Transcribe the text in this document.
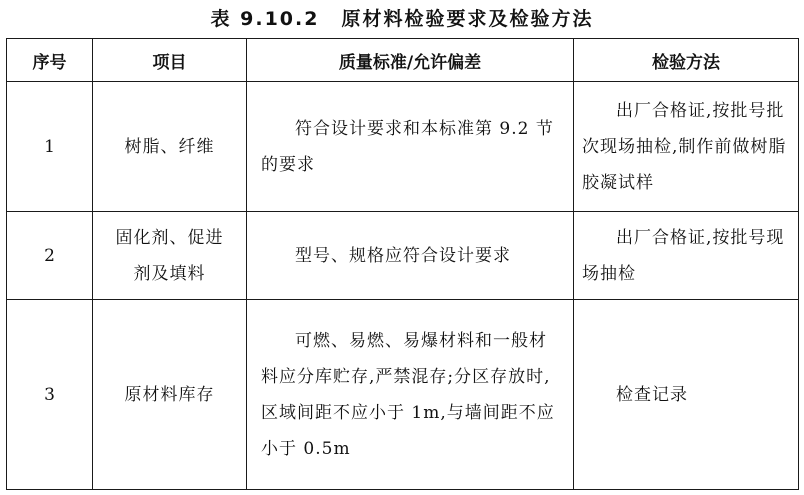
表 9.10.2 原材料检验要求及检验方法
序号	项目	质量标准/允许偏差	检验方法

1	树脂、纤维	符合设计要求和本标准第 9.2 节的要求	出厂合格证,按批号批次现场抽检,制作前做树脂胶凝试样

2	固化剂、促进剂及填料	型号、规格应符合设计要求	出厂合格证,按批号现场抽检

3	原材料库存	可燃、易燃、易爆材料和一般材料应分库贮存,严禁混存;分区存放时,区域间距不应小于 1m,与墙间距不应小于 0.5m	检查记录
